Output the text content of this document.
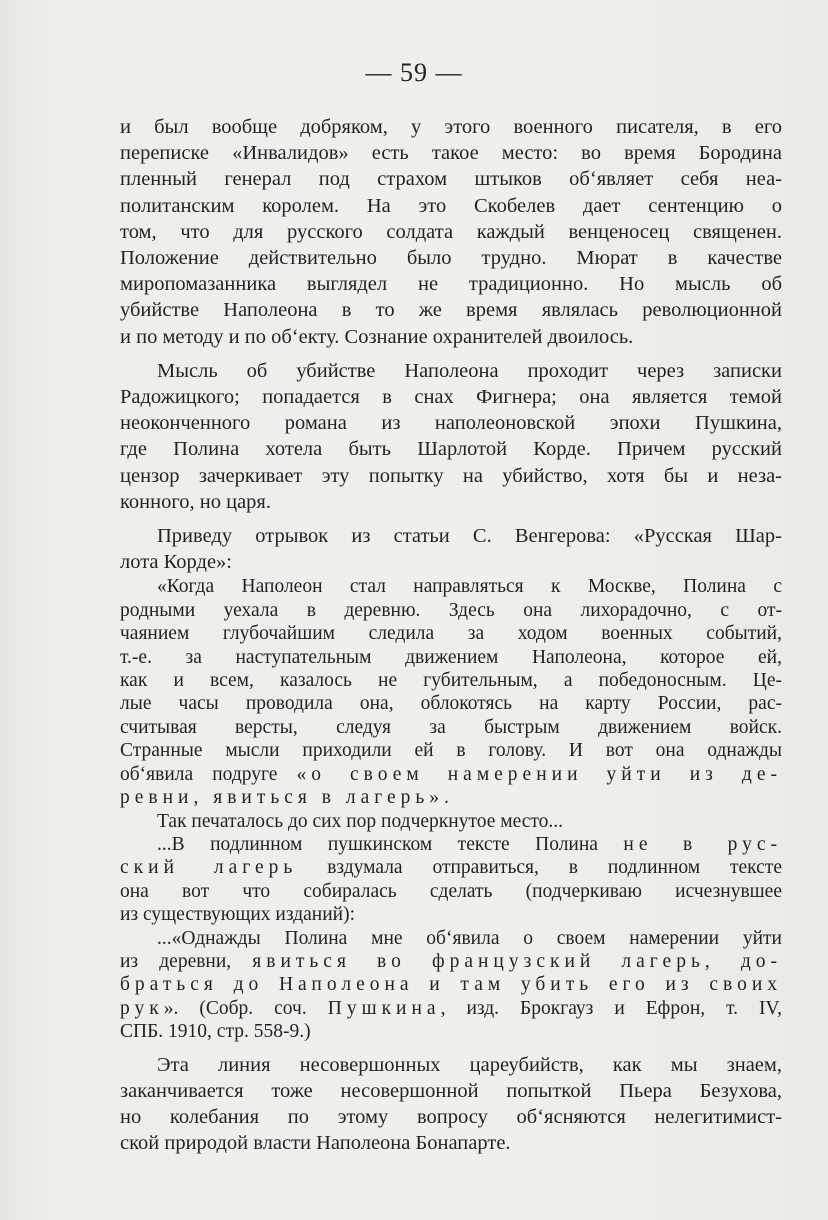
— 59 —
и был вообще добряком, у этого военного писателя, в его
переписке «Инвалидов» есть такое место: во время Бородина
пленный генерал под страхом штыков об‘являет себя неа-
политанским королем. На это Скобелев дает сентенцию о
том, что для русского солдата каждый венценосец священен.
Положение действительно было трудно. Мюрат в качестве
миропомазанника выглядел не традиционно. Но мысль об
убийстве Наполеона в то же время являлась революционной
и по методу и по об‘екту. Сознание охранителей двоилось.
Мысль об убийстве Наполеона проходит через записки
Радожицкого; попадается в снах Фигнера; она является темой
неоконченного романа из наполеоновской эпохи Пушкина,
где Полина хотела быть Шарлотой Корде. Причем русский
цензор зачеркивает эту попытку на убийство, хотя бы и неза-
конного, но царя.
Приведу отрывок из статьи С. Венгерова: «Русская Шар-
лота Корде»:
«Когда Наполеон стал направляться к Москве, Полина с
родными уехала в деревню. Здесь она лихорадочно, с от-
чаянием глубочайшим следила за ходом военных событий,
т.-е. за наступательным движением Наполеона, которое ей,
как и всем, казалось не губительным, а победоносным. Це-
лые часы проводила она, облокотясь на карту России, рас-
считывая версты, следуя за быстрым движением войск.
Странные мысли приходили ей в голову. И вот она однажды
об‘явила подруге «о своем намерении уйти из де-
ревни, явиться в лагерь».
Так печаталось до сих пор подчеркнутое место...
...В подлинном пушкинском тексте Полина не в рус-
ский лагерь вздумала отправиться, в подлинном тексте
она вот что собиралась сделать (подчеркиваю исчезнувшее
из существующих изданий):
...«Однажды Полина мне об‘явила о своем намерении уйти
из деревни, явиться во французский лагерь, до-
браться до Наполеона и там убить его из своих
рук». (Собр. соч. Пушкина, изд. Брокгауз и Ефрон, т. IV,
СПБ. 1910, стр. 558-9.)
Эта линия несовершонных цареубийств, как мы знаем,
заканчивается тоже несовершонной попыткой Пьера Безухова,
но колебания по этому вопросу об‘ясняются нелегитимист-
ской природой власти Наполеона Бонапарте.
